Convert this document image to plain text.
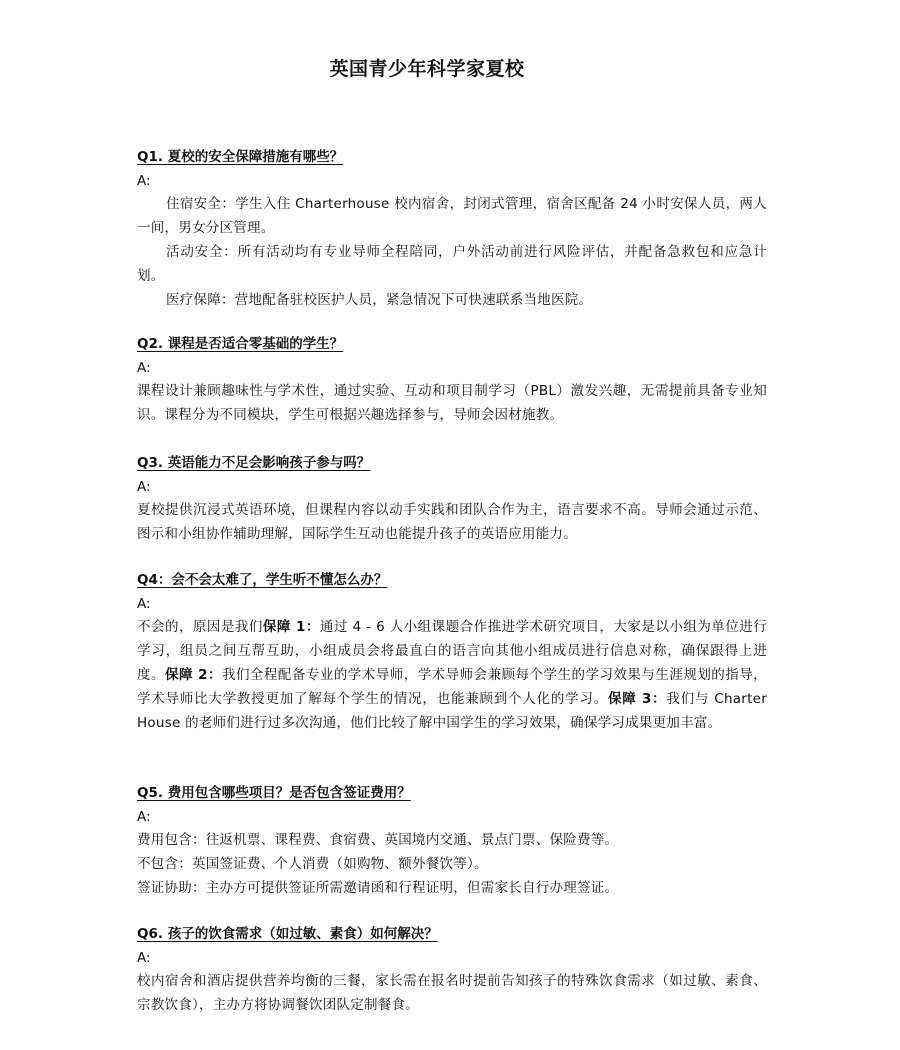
英国青少年科学家夏校

Q1. 夏校的安全保障措施有哪些？

A:

住宿安全：学生入住 Charterhouse 校内宿舍，封闭式管理，宿舍区配备 24 小时安保人员，两人一间，男女分区管理。

活动安全：所有活动均有专业导师全程陪同，户外活动前进行风险评估，并配备急救包和应急计划。

医疗保障：营地配备驻校医护人员，紧急情况下可快速联系当地医院。

Q2. 课程是否适合零基础的学生？

A:

课程设计兼顾趣味性与学术性，通过实验、互动和项目制学习（PBL）激发兴趣，无需提前具备专业知识。课程分为不同模块，学生可根据兴趣选择参与，导师会因材施教。

Q3. 英语能力不足会影响孩子参与吗？

A:

夏校提供沉浸式英语环境，但课程内容以动手实践和团队合作为主，语言要求不高。导师会通过示范、图示和小组协作辅助理解，国际学生互动也能提升孩子的英语应用能力。

Q4：会不会太难了，学生听不懂怎么办？

A:

不会的，原因是我们保障 1：通过 4 - 6 人小组课题合作推进学术研究项目，大家是以小组为单位进行学习，组员之间互帮互助，小组成员会将最直白的语言向其他小组成员进行信息对称，确保跟得上进度。保障 2：我们全程配备专业的学术导师，学术导师会兼顾每个学生的学习效果与生涯规划的指导，学术导师比大学教授更加了解每个学生的情况，也能兼顾到个人化的学习。保障 3：我们与 Charter House 的老师们进行过多次沟通，他们比较了解中国学生的学习效果，确保学习成果更加丰富。

Q5. 费用包含哪些项目？是否包含签证费用？

A:

费用包含：往返机票、课程费、食宿费、英国境内交通、景点门票、保险费等。

不包含：英国签证费、个人消费（如购物、额外餐饮等）。

签证协助：主办方可提供签证所需邀请函和行程证明，但需家长自行办理签证。

Q6. 孩子的饮食需求（如过敏、素食）如何解决？

A:

校内宿舍和酒店提供营养均衡的三餐，家长需在报名时提前告知孩子的特殊饮食需求（如过敏、素食、宗教饮食），主办方将协调餐饮团队定制餐食。
